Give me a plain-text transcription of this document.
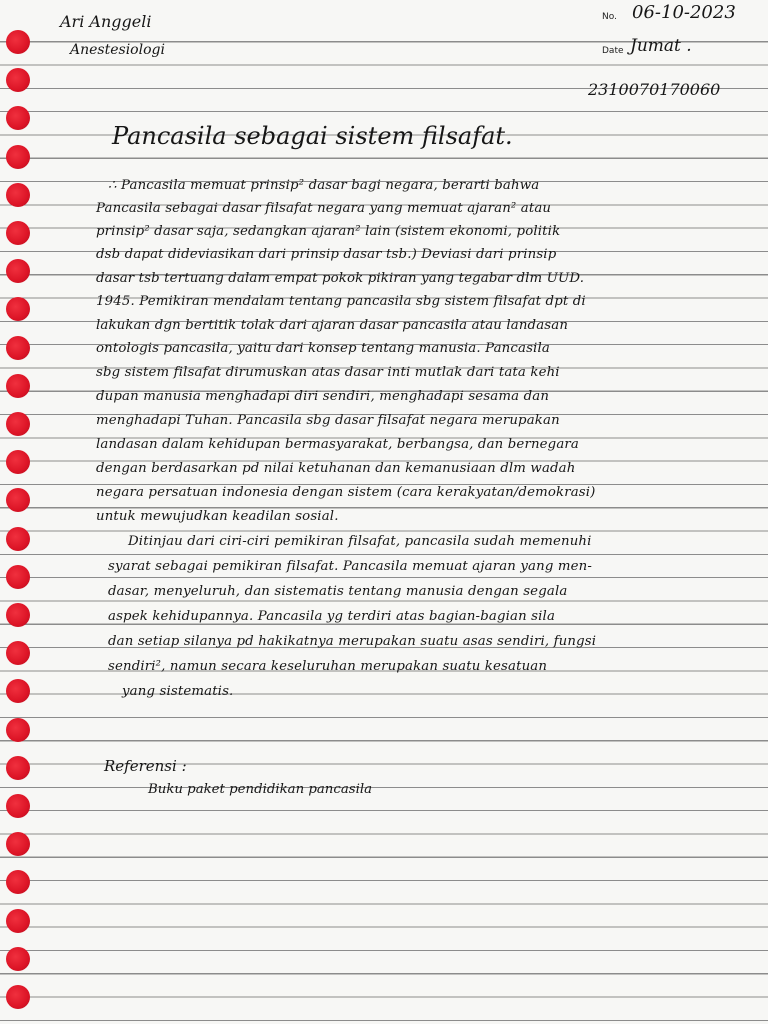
Ari Anggeli
Anestesiologi
No. 06-10-2023
Date Jumat .
2310070170060
Pancasila sebagai sistem filsafat.
∴ Pancasila memuat prinsip² dasar bagi negara, berarti bahwa
Pancasila sebagai dasar filsafat negara yang memuat ajaran² atau
prinsip² dasar saja, sedangkan ajaran² lain (sistem ekonomi, politik
dsb dapat dideviasikan dari prinsip dasar tsb.) Deviasi dari prinsip
dasar tsb tertuang dalam empat pokok pikiran yang tegabar dlm UUD.
1945. Pemikiran mendalam tentang pancasila sbg sistem filsafat dpt di
lakukan dgn bertitik tolak dari ajaran dasar pancasila atau landasan
ontologis pancasila, yaitu dari konsep tentang manusia. Pancasila
sbg sistem filsafat dirumuskan atas dasar inti mutlak dari tata kehi
dupan manusia menghadapi diri sendiri, menghadapi sesama dan
menghadapi Tuhan. Pancasila sbg dasar filsafat negara merupakan
landasan dalam kehidupan bermasyarakat, berbangsa, dan bernegara
dengan berdasarkan pd nilai ketuhanan dan kemanusiaan dlm wadah
negara persatuan indonesia dengan sistem (cara kerakyatan/demokrasi)
untuk mewujudkan keadilan sosial.
Ditinjau dari ciri-ciri pemikiran filsafat, pancasila sudah memenuhi
syarat sebagai pemikiran filsafat. Pancasila memuat ajaran yang men-
dasar, menyeluruh, dan sistematis tentang manusia dengan segala
aspek kehidupannya. Pancasila yg terdiri atas bagian-bagian sila
dan setiap silanya pd hakikatnya merupakan suatu asas sendiri, fungsi
sendiri², namun secara keseluruhan merupakan suatu kesatuan
yang sistematis.
Referensi :
Buku paket pendidikan pancasila
